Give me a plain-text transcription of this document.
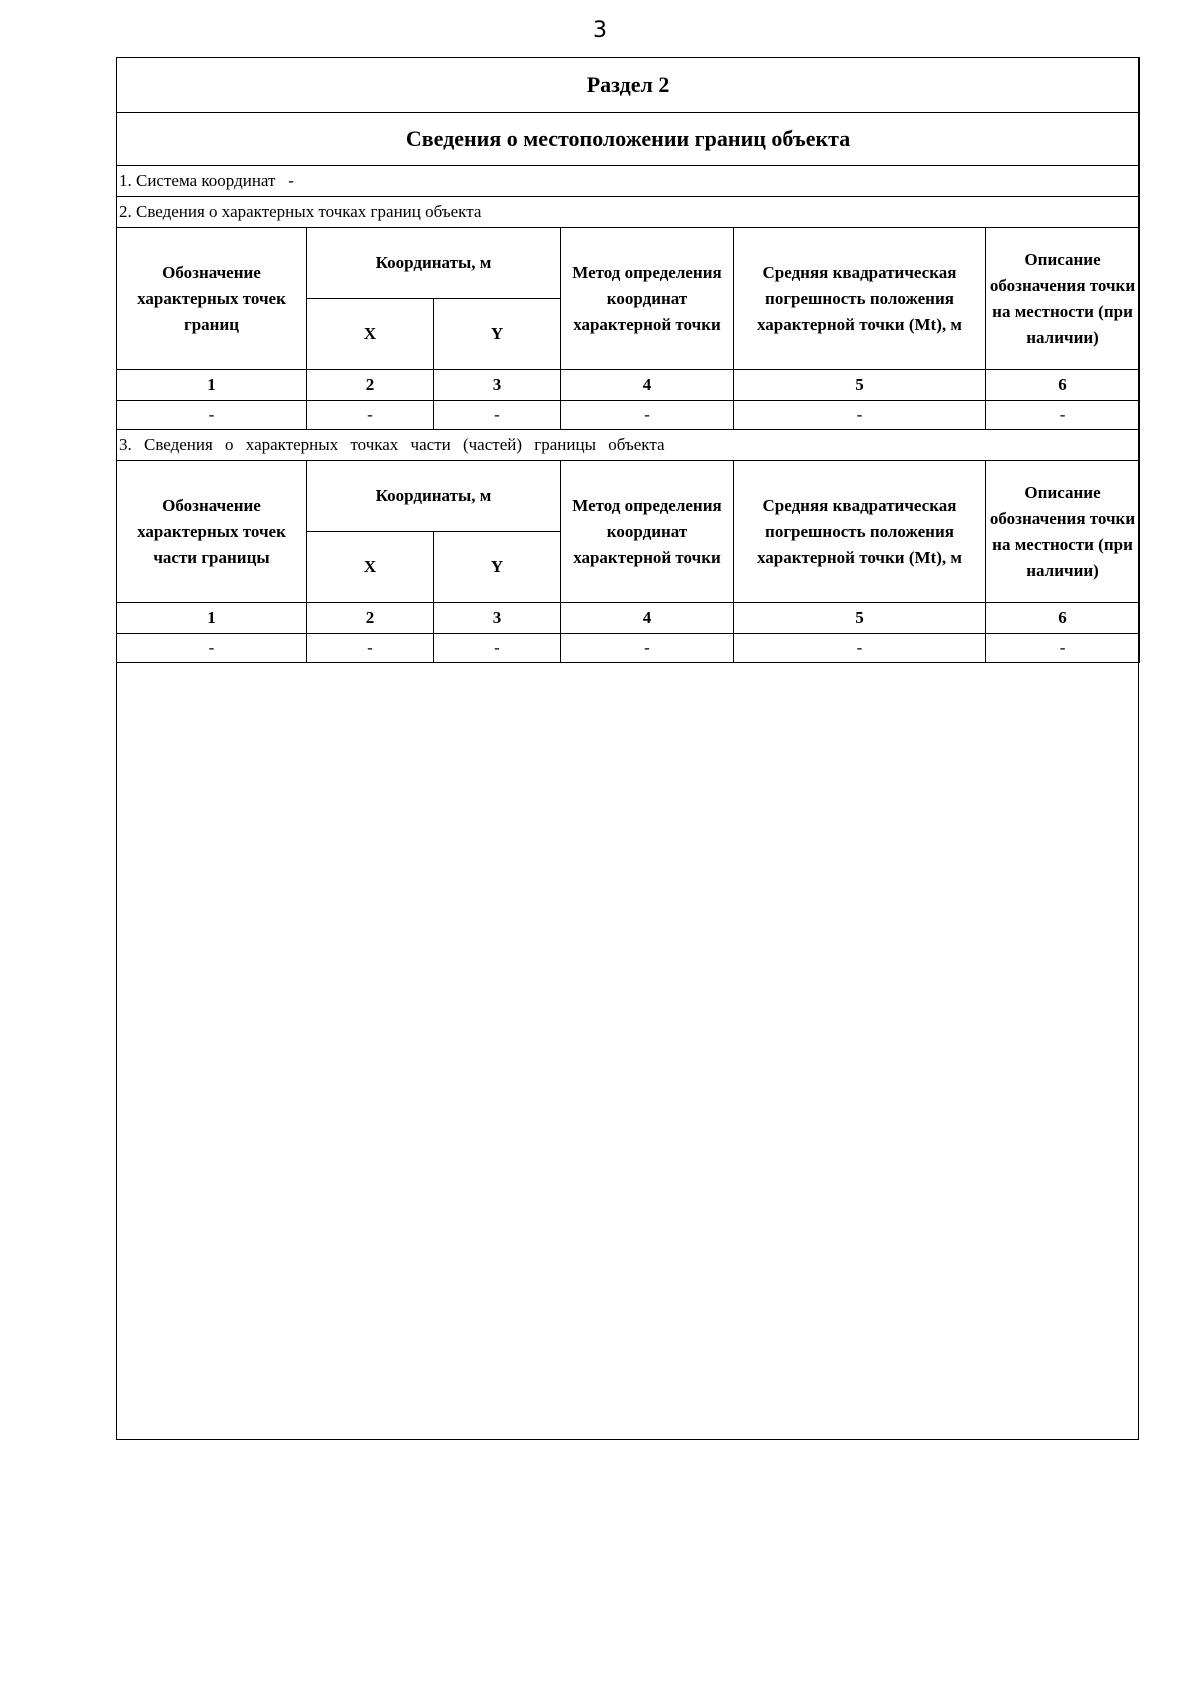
3
Раздел 2					
Сведения о местоположении границ объекта					
1. Система координат   -					
2. Сведения о характерных точках границ объекта					
Обозначение характерных точек границ	Координаты, м		Метод определения координат характерной точки	Средняя квадратическая погрешность положения характерной точки (Mt), м	Описание обозначения точки на местности (при наличии)
	X	Y			
1	2	3	4	5	6
-	-	-	-	-	-
3. Сведения о характерных точках части (частей) границы объекта					
Обозначение характерных точек части границы	Координаты, м		Метод определения координат характерной точки	Средняя квадратическая погрешность положения характерной точки (Mt), м	Описание обозначения точки на местности (при наличии)
	X	Y			
1	2	3	4	5	6
-	-	-	-	-	-
